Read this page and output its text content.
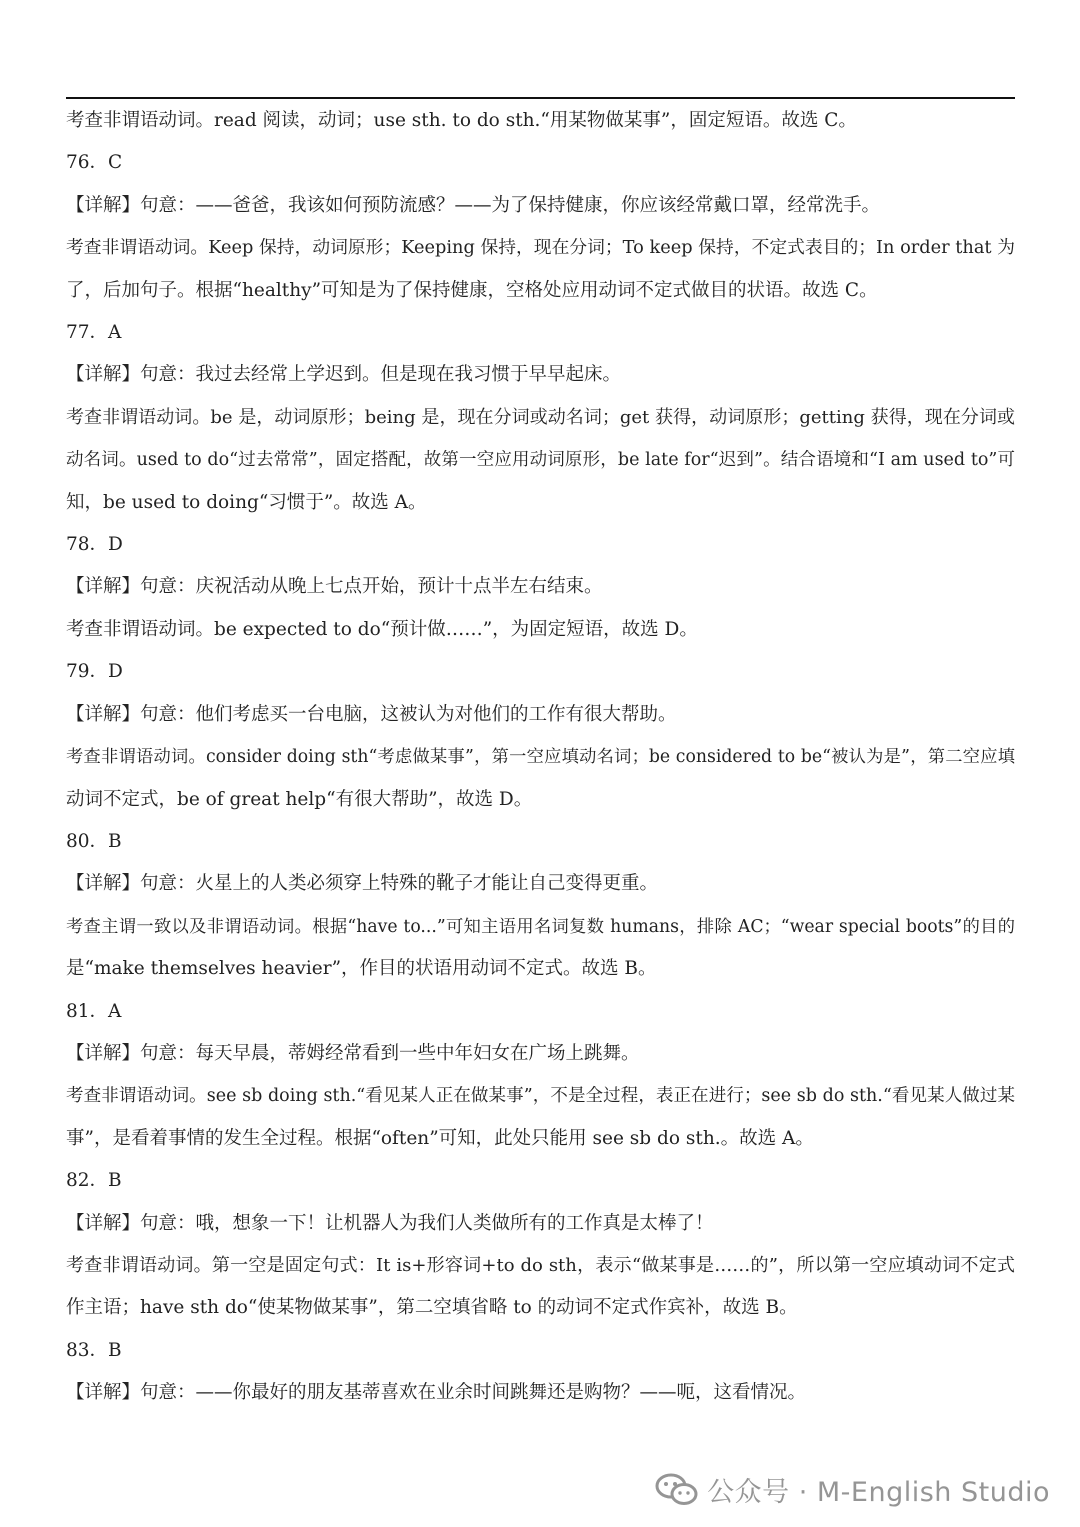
考查非谓语动词。read 阅读，动词；use sth. to do sth.“用某物做某事”，固定短语。故选 C。
76．C
【详解】句意：——爸爸，我该如何预防流感？——为了保持健康，你应该经常戴口罩，经常洗手。
考查非谓语动词。Keep 保持，动词原形；Keeping 保持，现在分词；To keep 保持，不定式表目的；In order that 为
了，后加句子。根据“healthy”可知是为了保持健康，空格处应用动词不定式做目的状语。故选 C。
77．A
【详解】句意：我过去经常上学迟到。但是现在我习惯于早早起床。
考查非谓语动词。be 是，动词原形；being 是，现在分词或动名词；get 获得，动词原形；getting 获得，现在分词或
动名词。used to do“过去常常”，固定搭配，故第一空应用动词原形，be late for“迟到”。结合语境和“I am used to”可
知，be used to doing“习惯于”。故选 A。
78．D
【详解】句意：庆祝活动从晚上七点开始，预计十点半左右结束。
考查非谓语动词。be expected to do“预计做……”，为固定短语，故选 D。
79．D
【详解】句意：他们考虑买一台电脑，这被认为对他们的工作有很大帮助。
考查非谓语动词。consider doing sth“考虑做某事”，第一空应填动名词；be considered to be“被认为是”，第二空应填
动词不定式，be of great help“有很大帮助”，故选 D。
80．B
【详解】句意：火星上的人类必须穿上特殊的靴子才能让自己变得更重。
考查主谓一致以及非谓语动词。根据“have to...”可知主语用名词复数 humans，排除 AC；“wear special boots”的目的
是“make themselves heavier”，作目的状语用动词不定式。故选 B。
81．A
【详解】句意：每天早晨，蒂姆经常看到一些中年妇女在广场上跳舞。
考查非谓语动词。see sb doing sth.“看见某人正在做某事”，不是全过程，表正在进行；see sb do sth.“看见某人做过某
事”，是看着事情的发生全过程。根据“often”可知，此处只能用 see sb do sth.。故选 A。
82．B
【详解】句意：哦，想象一下！让机器人为我们人类做所有的工作真是太棒了！
考查非谓语动词。第一空是固定句式：It is+形容词+to do sth，表示“做某事是……的”，所以第一空应填动词不定式
作主语；have sth do“使某物做某事”，第二空填省略 to 的动词不定式作宾补，故选 B。
83．B
【详解】句意：——你最好的朋友基蒂喜欢在业余时间跳舞还是购物？——呃，这看情况。
公众号 · M-English Studio
